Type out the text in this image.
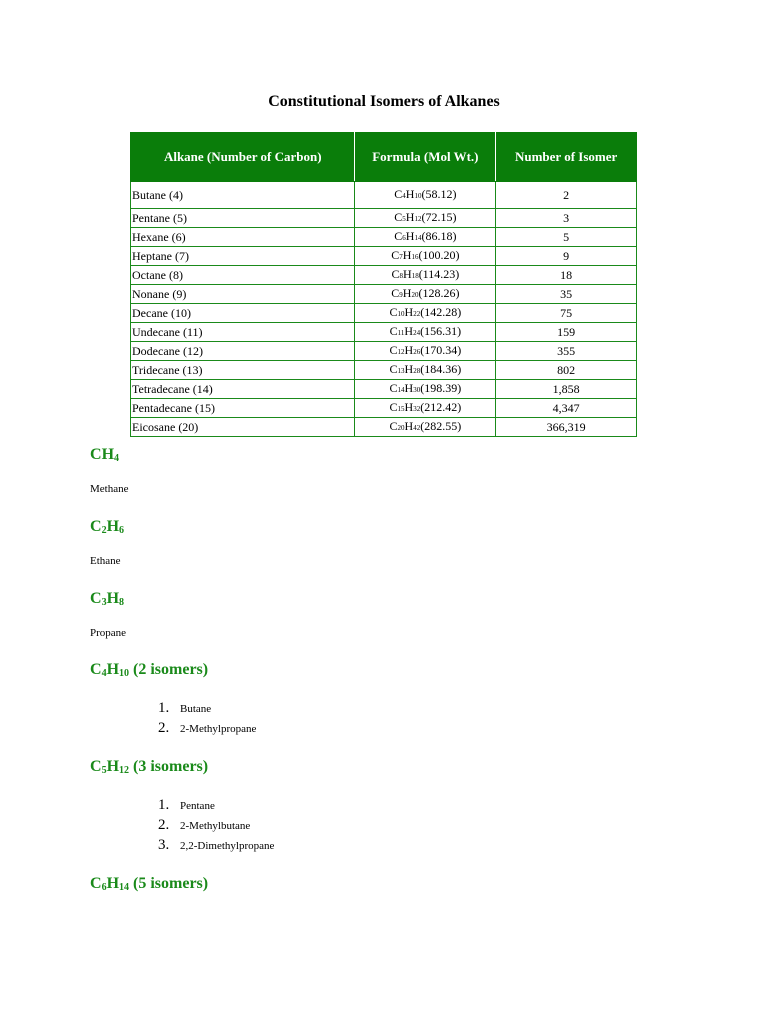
Constitutional Isomers of Alkanes
Alkane (Number of Carbon)	Formula (Mol Wt.)	Number of Isomer
Butane (4)	C4H10(58.12)	2
Pentane (5)	C5H12(72.15)	3
Hexane (6)	C6H14(86.18)	5
Heptane (7)	C7H16(100.20)	9
Octane (8)	C8H18(114.23)	18
Nonane (9)	C9H20(128.26)	35
Decane (10)	C10H22(142.28)	75
Undecane (11)	C11H24(156.31)	159
Dodecane (12)	C12H26(170.34)	355
Tridecane (13)	C13H28(184.36)	802
Tetradecane (14)	C14H30(198.39)	1,858
Pentadecane (15)	C15H32(212.42)	4,347
Eicosane (20)	C20H42(282.55)	366,319
$CH_4$

Methane

$C_2H_6$

Ethane

$C_3H_8$

Propane

$C_4H_{10}$ (2 isomers)
1. Butane
2. 2-Methylpropane
$C_5H_{12}$ (3 isomers)
1. Pentane
2. 2-Methylbutane
3. 2,2-Dimethylpropane
$C_6H_{14}$ (5 isomers)
